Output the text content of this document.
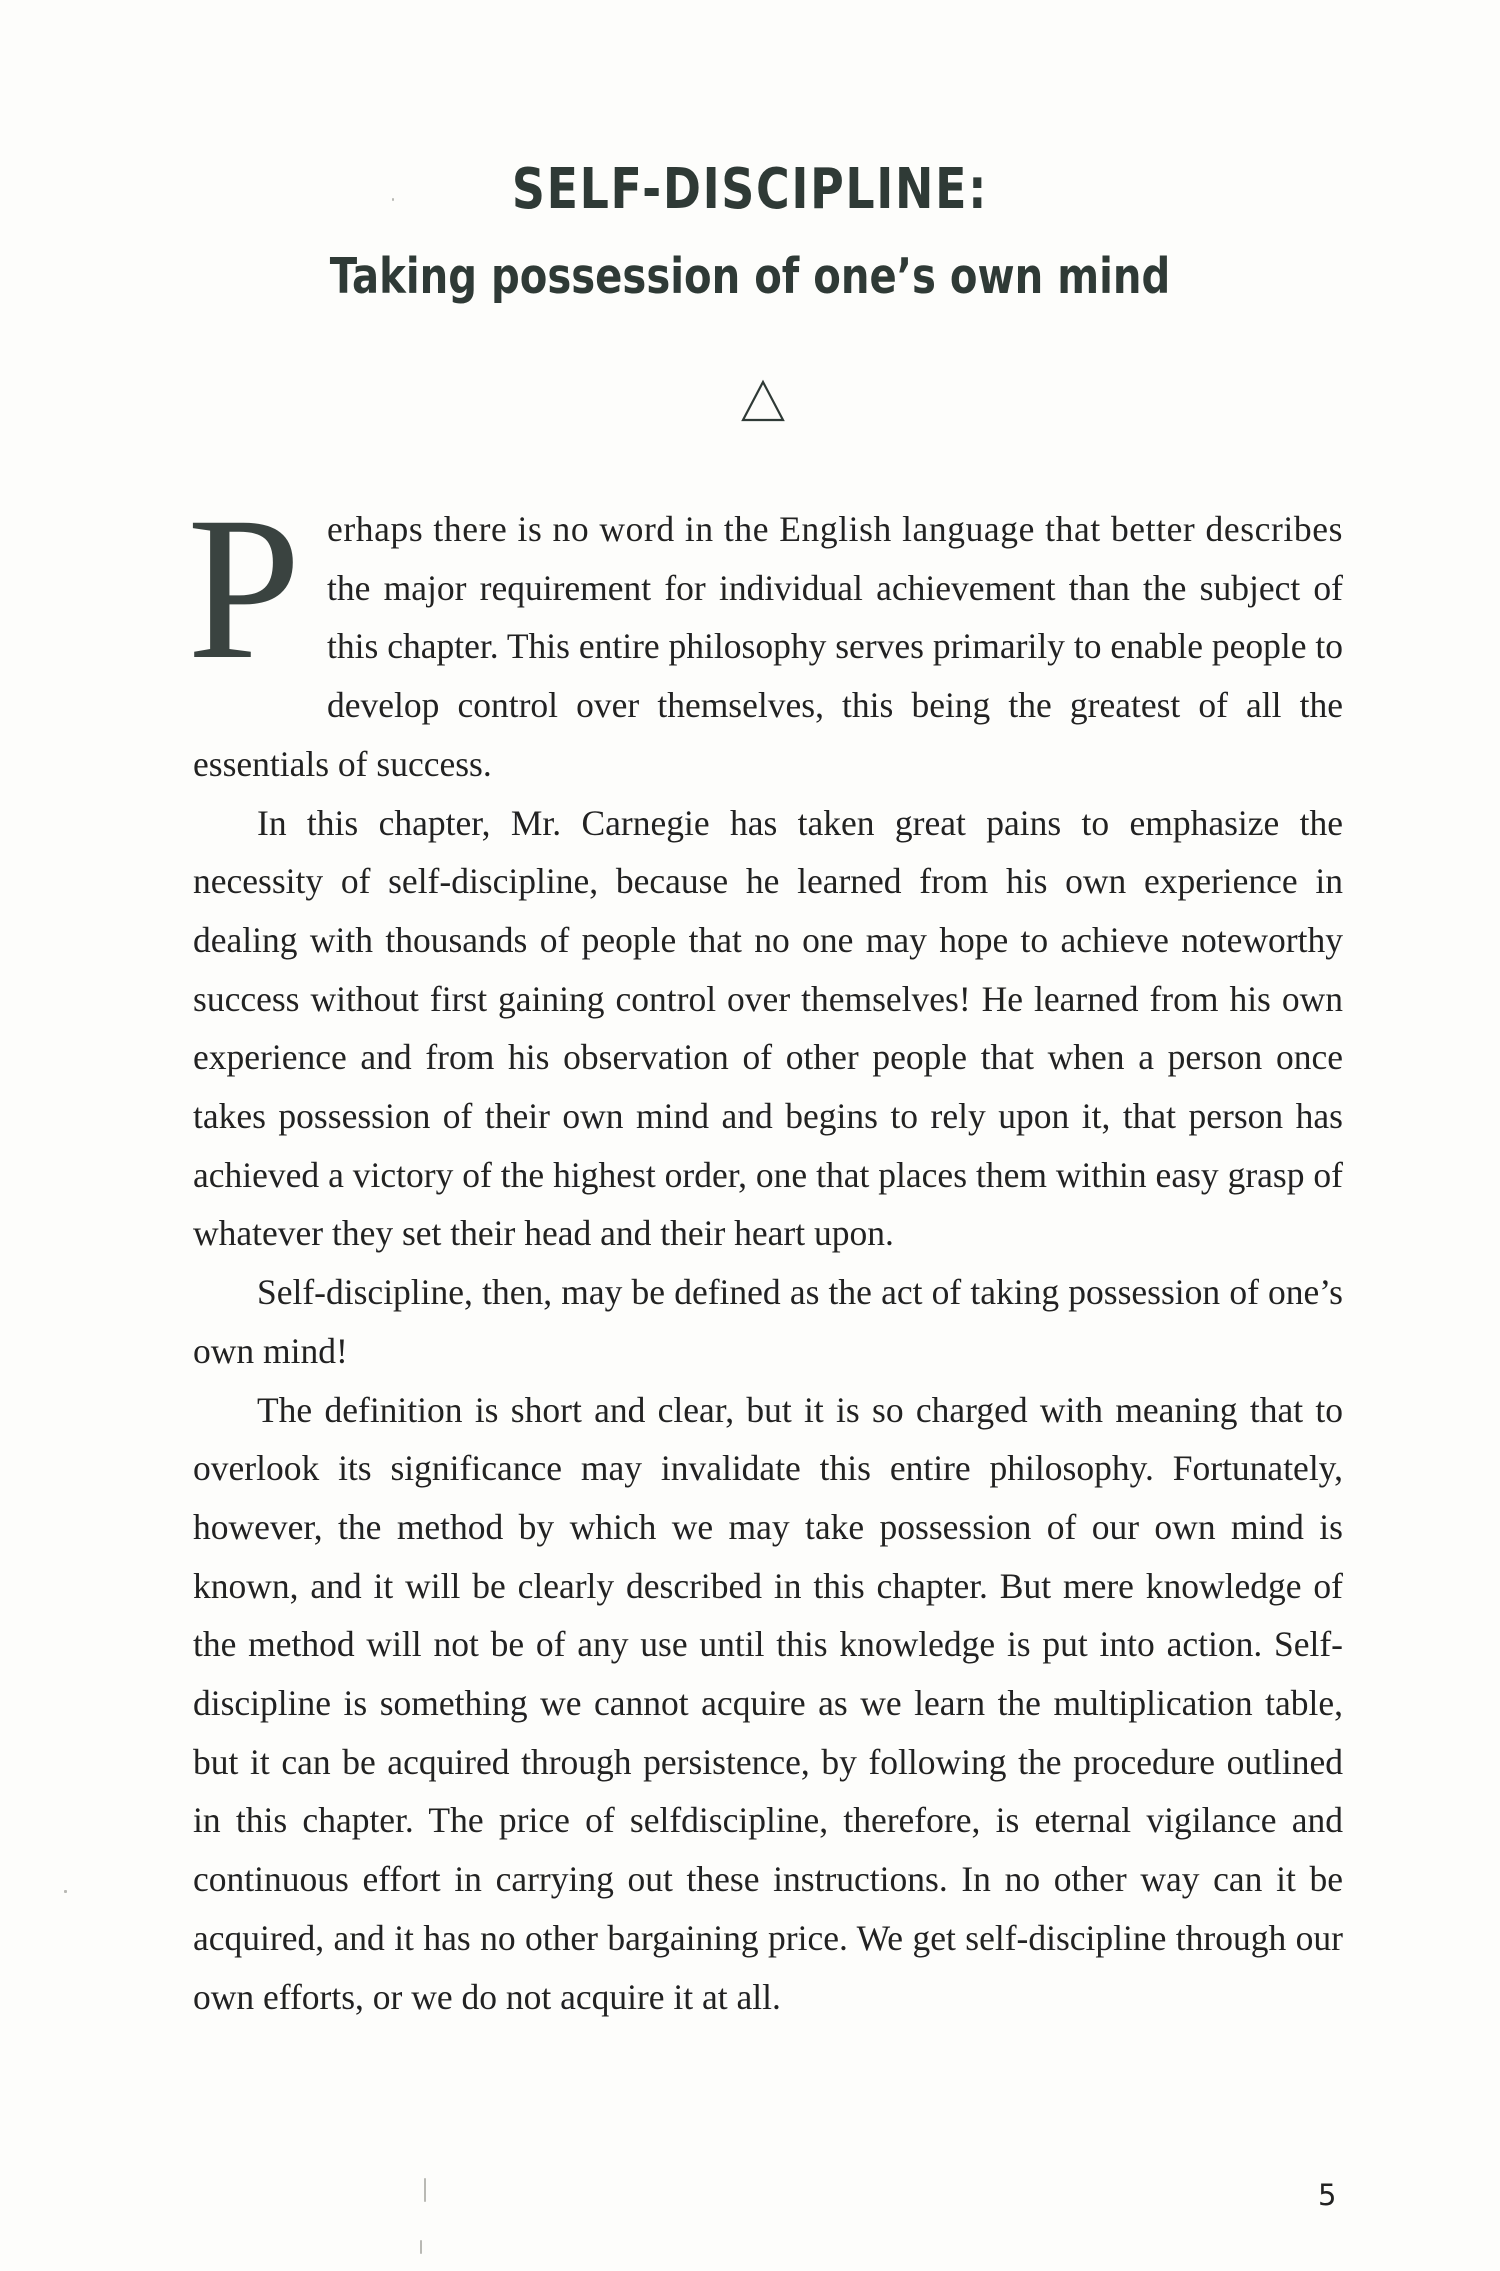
SELF-DISCIPLINE:
Taking possession of one’s own mind

Perhaps there is no word in the English language that better describes the major requirement for individual achievement than the subject of this chapter. This entire philosophy serves primarily to enable people to develop control over themselves, this being the greatest of all the essentials of success.

In this chapter, Mr. Carnegie has taken great pains to emphasize the necessity of self-discipline, because he learned from his own experience in dealing with thousands of people that no one may hope to achieve noteworthy success without first gaining control over themselves! He learned from his own experience and from his observation of other people that when a person once takes possession of their own mind and begins to rely upon it, that person has achieved a victory of the highest order, one that places them within easy grasp of whatever they set their head and their heart upon.

Self-discipline, then, may be defined as the act of taking possession of one’s own mind!

The definition is short and clear, but it is so charged with meaning that to overlook its significance may invalidate this entire philosophy. Fortunately, however, the method by which we may take possession of our own mind is known, and it will be clearly described in this chapter. But mere knowledge of the method will not be of any use until this knowledge is put into action. Self-discipline is something we cannot acquire as we learn the multiplication table, but it can be acquired through persistence, by following the procedure outlined in this chapter. The price of selfdiscipline, therefore, is eternal vigilance and continuous effort in carrying out these instructions. In no other way can it be acquired, and it has no other bargaining price. We get self-discipline through our own efforts, or we do not acquire it at all.

5
